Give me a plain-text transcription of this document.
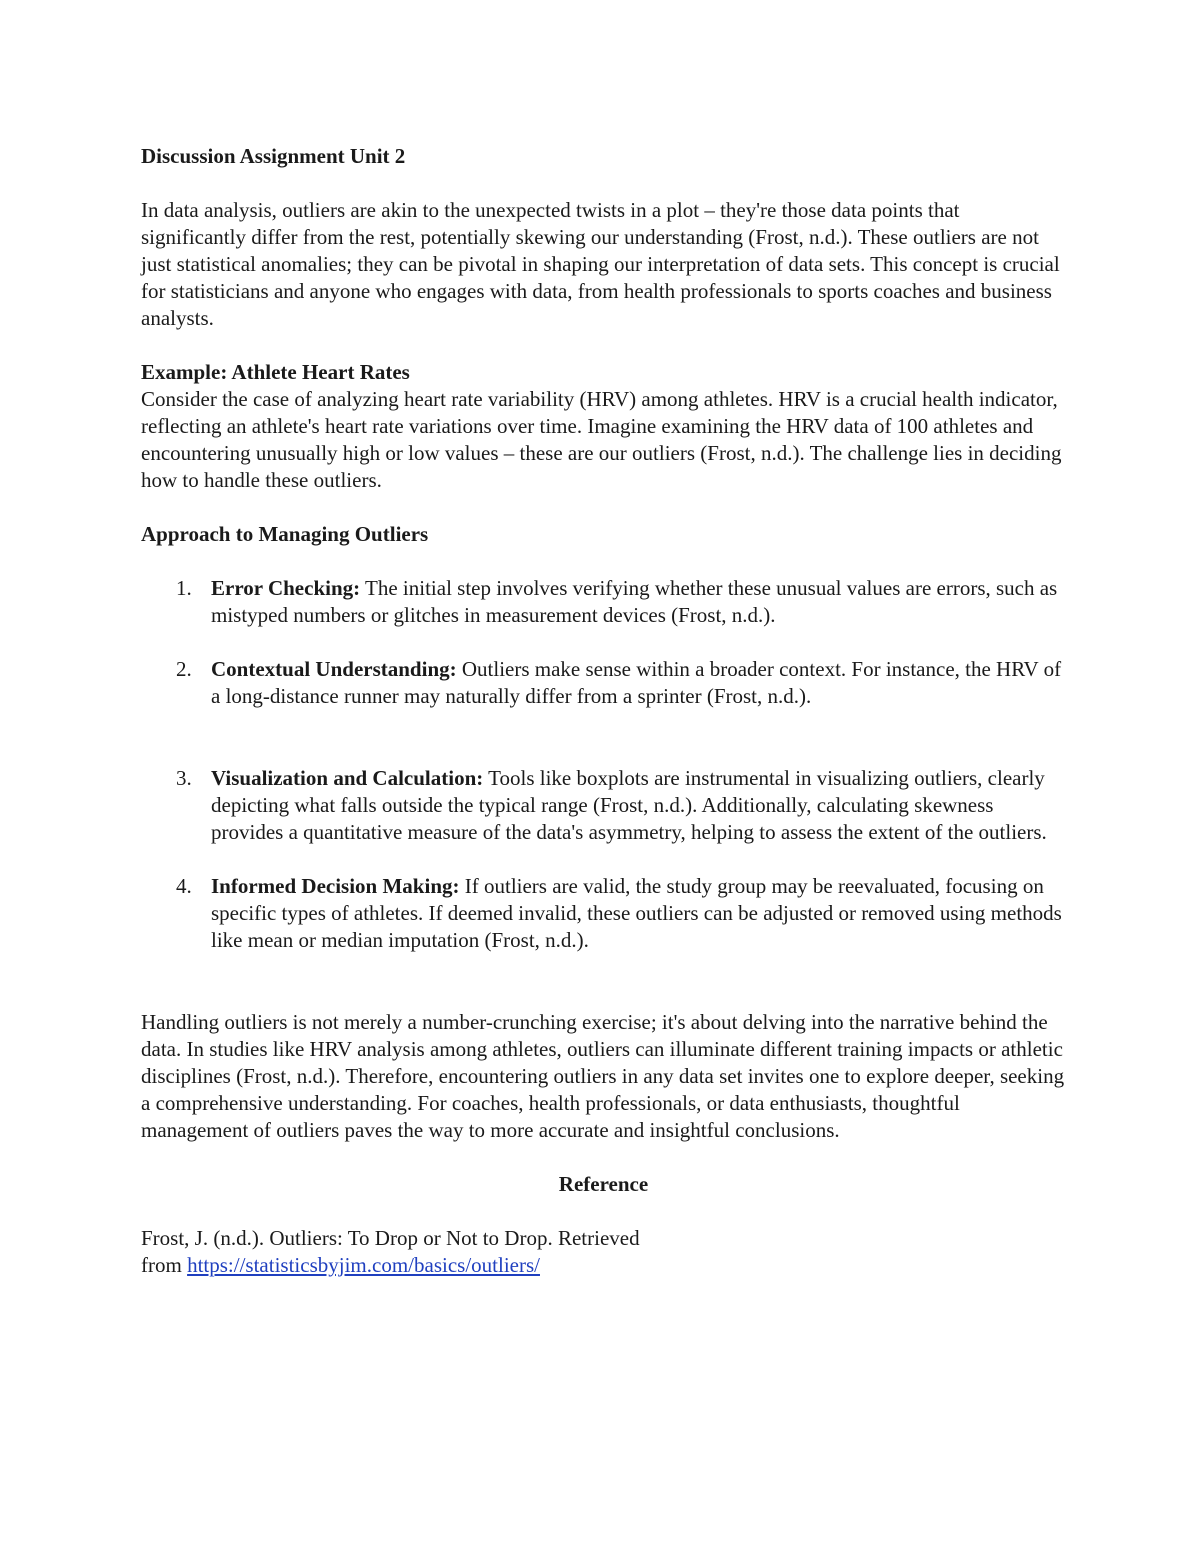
Discussion Assignment Unit 2

In data analysis, outliers are akin to the unexpected twists in a plot – they're those data points that significantly differ from the rest, potentially skewing our understanding (Frost, n.d.). These outliers are not just statistical anomalies; they can be pivotal in shaping our interpretation of data sets. This concept is crucial for statisticians and anyone who engages with data, from health professionals to sports coaches and business analysts.

Example: Athlete Heart Rates

Consider the case of analyzing heart rate variability (HRV) among athletes. HRV is a crucial health indicator, reflecting an athlete's heart rate variations over time. Imagine examining the HRV data of 100 athletes and encountering unusually high or low values – these are our outliers (Frost, n.d.). The challenge lies in deciding how to handle these outliers.

Approach to Managing Outliers

1. Error Checking: The initial step involves verifying whether these unusual values are errors, such as mistyped numbers or glitches in measurement devices (Frost, n.d.).
2. Contextual Understanding: Outliers make sense within a broader context. For instance, the HRV of a long-distance runner may naturally differ from a sprinter (Frost, n.d.).
3. Visualization and Calculation: Tools like boxplots are instrumental in visualizing outliers, clearly depicting what falls outside the typical range (Frost, n.d.). Additionally, calculating skewness provides a quantitative measure of the data's asymmetry, helping to assess the extent of the outliers.
4. Informed Decision Making: If outliers are valid, the study group may be reevaluated, focusing on specific types of athletes. If deemed invalid, these outliers can be adjusted or removed using methods like mean or median imputation (Frost, n.d.).

Handling outliers is not merely a number-crunching exercise; it's about delving into the narrative behind the data. In studies like HRV analysis among athletes, outliers can illuminate different training impacts or athletic disciplines (Frost, n.d.). Therefore, encountering outliers in any data set invites one to explore deeper, seeking a comprehensive understanding. For coaches, health professionals, or data enthusiasts, thoughtful management of outliers paves the way to more accurate and insightful conclusions.

Reference

Frost, J. (n.d.). Outliers: To Drop or Not to Drop. Retrieved

from https://statisticsbyjim.com/basics/outliers/
